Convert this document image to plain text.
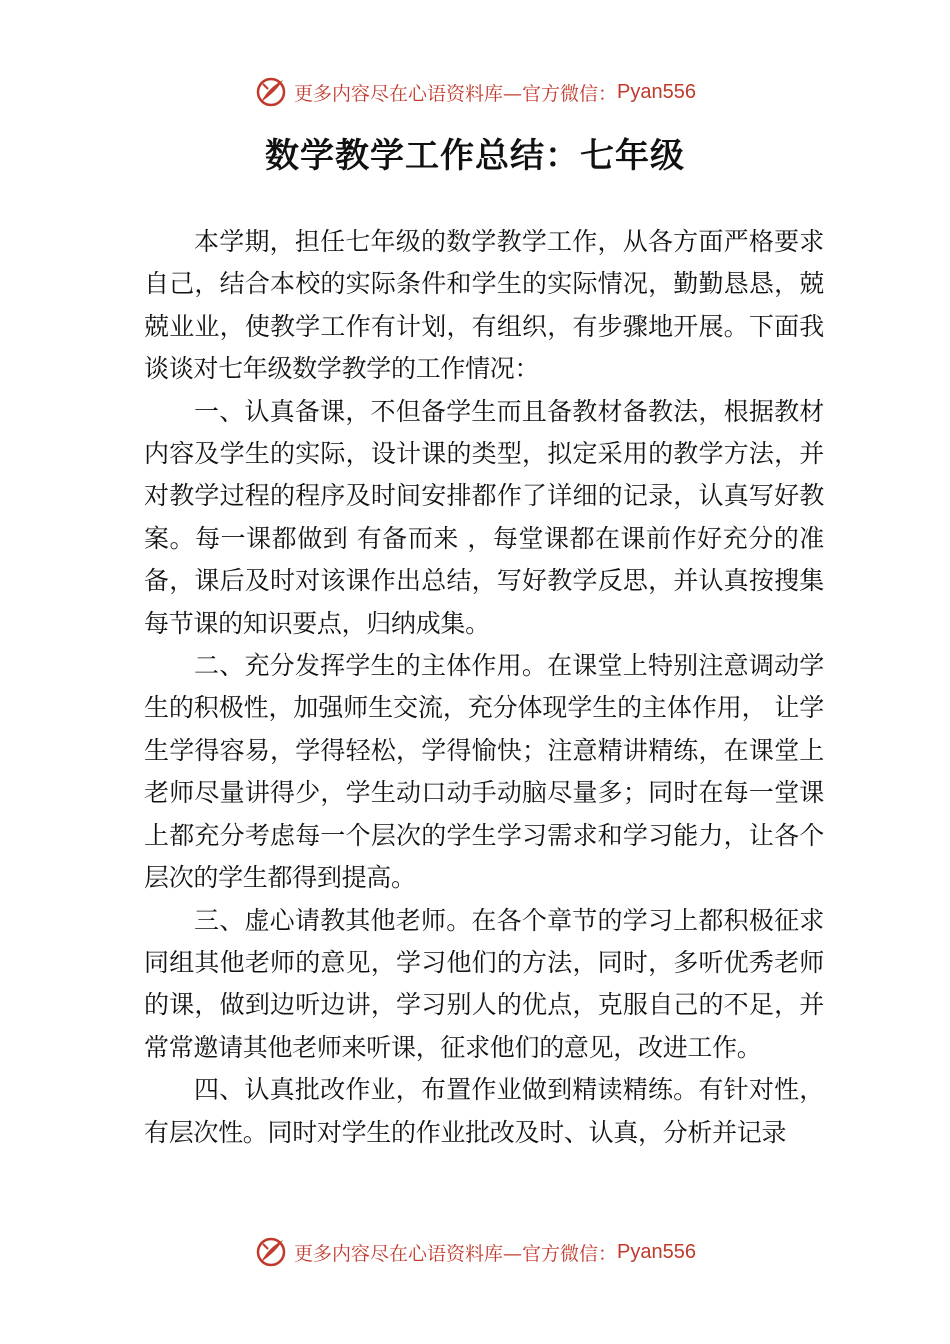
更多内容尽在心语资料库—官方微信： Pyan556
数学教学工作总结：七年级

本学期，担任七年级的数学教学工作，从各方面严格要求自己，结合本校的实际条件和学生的实际情况，勤勤恳恳，兢兢业业，使教学工作有计划，有组织，有步骤地开展。下面我谈谈对七年级数学教学的工作情况：

一、认真备课，不但备学生而且备教材备教法，根据教材内容及学生的实际，设计课的类型，拟定采用的教学方法，并对教学过程的程序及时间安排都作了详细的记录，认真写好教案。每一课都做到 有备而来 ，每堂课都在课前作好充分的准备，课后及时对该课作出总结，写好教学反思，并认真按搜集每节课的知识要点，归纳成集。

二、充分发挥学生的主体作用。在课堂上特别注意调动学生的积极性，加强师生交流，充分体现学生的主体作用， 让学生学得容易，学得轻松，学得愉快；注意精讲精练，在课堂上老师尽量讲得少，学生动口动手动脑尽量多；同时在每一堂课上都充分考虑每一个层次的学生学习需求和学习能力，让各个层次的学生都得到提高。

三、虚心请教其他老师。在各个章节的学习上都积极征求同组其他老师的意见，学习他们的方法，同时，多听优秀老师的课，做到边听边讲，学习别人的优点，克服自己的不足，并常常邀请其他老师来听课，征求他们的意见，改进工作。

四、认真批改作业，布置作业做到精读精练。有针对性，有层次性。同时对学生的作业批改及时、认真，分析并记录

更多内容尽在心语资料库—官方微信： Pyan556
